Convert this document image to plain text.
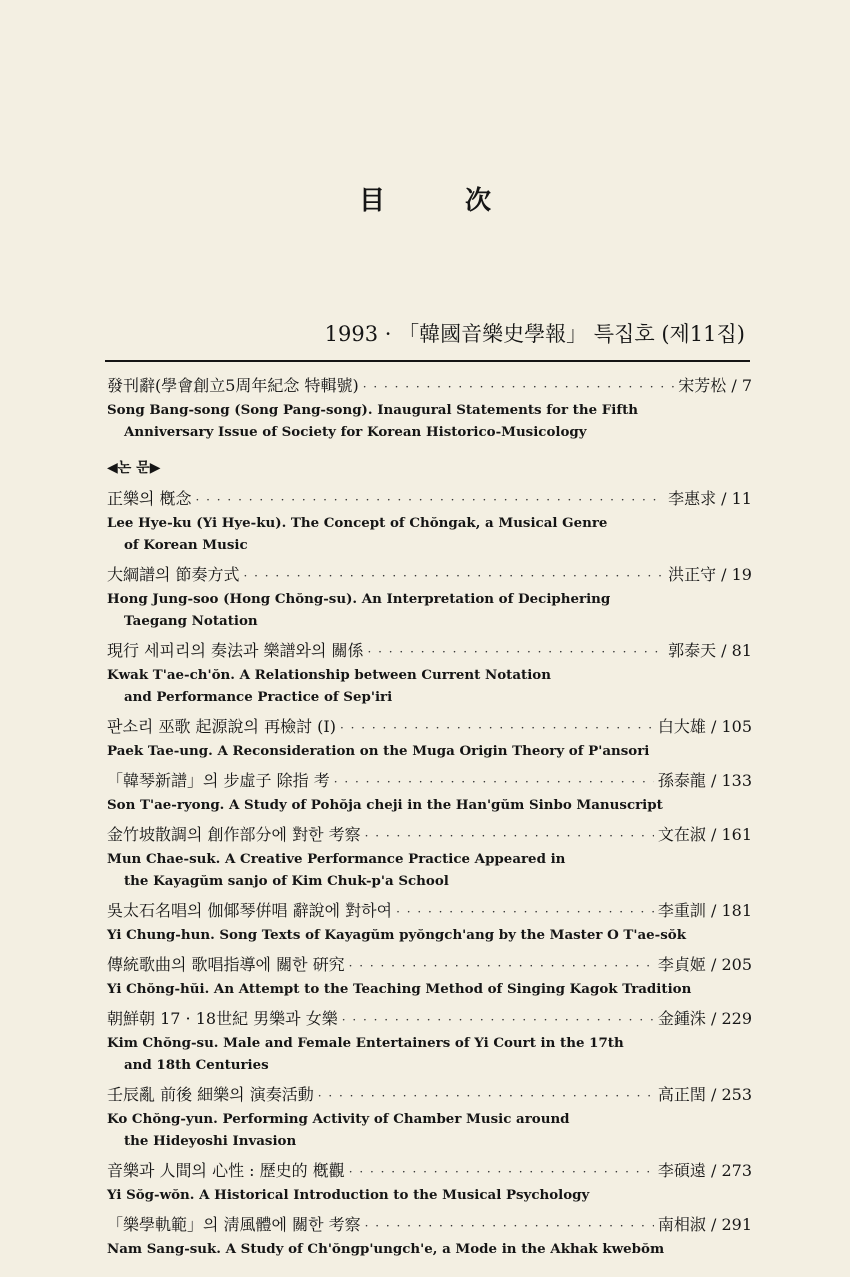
目	次
1993 · 「韓國音樂史學報」 특집호 (제11집)
發刊辭(學會創立5周年紀念 特輯號) · · ·	宋芳松 / 7
Song Bang-song (Song Pang-song). Inaugural Statements for the Fifth
Anniversary Issue of Society for Korean Historico-Musicology
◀논 문▶
正樂의 槪念 · · ·	李惠求 / 11
Lee Hye-ku (Yi Hye-ku). The Concept of Chŏngak, a Musical Genre
of Korean Music
大綱譜의 節奏方式 · · ·	洪正守 / 19
Hong Jung-soo (Hong Chŏng-su). An Interpretation of Deciphering
Taegang Notation
現行 세피리의 奏法과 樂譜와의 關係 · · ·	郭泰天 / 81
Kwak T'ae-ch'ŏn. A Relationship between Current Notation
and Performance Practice of Sep'iri
판소리 巫歌 起源說의 再檢討 (I) · · ·	白大雄 / 105
Paek Tae-ung. A Reconsideration on the Muga Origin Theory of P'ansori
「韓琴新譜」의 步虛子 除指 考 · · ·	孫泰龍 / 133
Son T'ae-ryong. A Study of Pohŏja cheji in the Han'gŭm Sinbo Manuscript
金竹坡散調의 創作部分에 對한 考察 · · ·	文在淑 / 161
Mun Chae-suk. A Creative Performance Practice Appeared in
the Kayagŭm sanjo of Kim Chuk-p'a School
吳太石名唱의 伽倻琴倂唱 辭說에 對하여 · · ·	李重訓 / 181
Yi Chung-hun. Song Texts of Kayagŭm pyŏngch'ang by the Master O T'ae-sŏk
傳統歌曲의 歌唱指導에 關한 硏究 · · ·	李貞姬 / 205
Yi Chŏng-hŭi. An Attempt to the Teaching Method of Singing Kagok Tradition
朝鮮朝 17 · 18世紀 男樂과 女樂 · · ·	金鍾洙 / 229
Kim Chŏng-su. Male and Female Entertainers of Yi Court in the 17th
and 18th Centuries
壬辰亂 前後 細樂의 演奏活動 · · ·	高正閏 / 253
Ko Chŏng-yun. Performing Activity of Chamber Music around
the Hideyoshi Invasion
音樂과 人間의 心性 : 歷史的 槪觀 · · ·	李碩遠 / 273
Yi Sŏg-wŏn. A Historical Introduction to the Musical Psychology
「樂學軌範」의 淸風體에 關한 考察 · · ·	南相淑 / 291
Nam Sang-suk. A Study of Ch'ŏngp'ungch'e, a Mode in the Akhak kwebŏm
